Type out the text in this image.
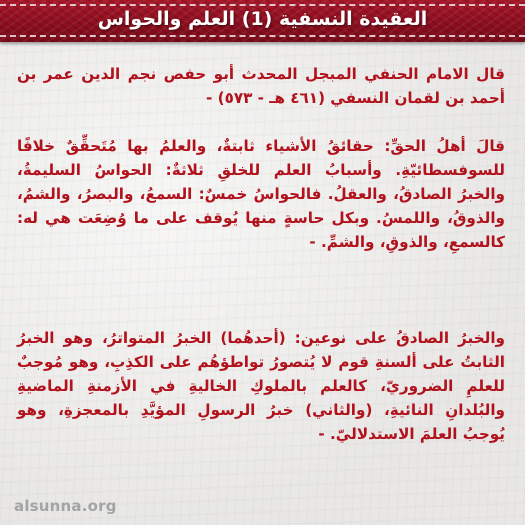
العقيدة النسفية (1) العلم والحواس
قال الامام الحنفي المبجل المحدث أبو حفص نجم الدين عمر بن أحمد بن لقمان النسفي (٤٦١ هـ - ٥٧٣) -
قالَ أهلُ الحقِّ: حقائقُ الأشياء ثابتةٌ، والعلمُ بها مُتَحقِّقٌ خلافًا للسوفسطائيّةِ. وأسبابُ العلم للخلقِ ثلاثةٌ: الحواسُ السليمةُ، والخبرُ الصادقُ، والعقلُ. فالحواسُ خمسٌ: السمعُ، والبصرُ، والشمُ، والذوقُ، واللمسُ. وبكل حاسةٍ منها يُوقف على ما وُضِعَت هي له: كالسمعِ، والذوقِ، والشمِّ. -
والخبرُ الصادقُ على نوعين: (أحدهُما) الخبرُ المتواترُ، وهو الخبرُ الثابتُ على ألسنةِ قوم لا يُتصورُ تواطؤهُم على الكذِبِ، وهو مُوجبٌ للعلمِ الضروريّ، كالعلم بالملوكِ الخاليةِ في الأزمنةِ الماضيةِ والبُلدانِ النائيةِ، (والثاني) خبرُ الرسولِ المؤيَّدِ بالمعجزةِ، وهو يُوجبُ العلمَ الاستدلاليّ. -
alsunna.org
